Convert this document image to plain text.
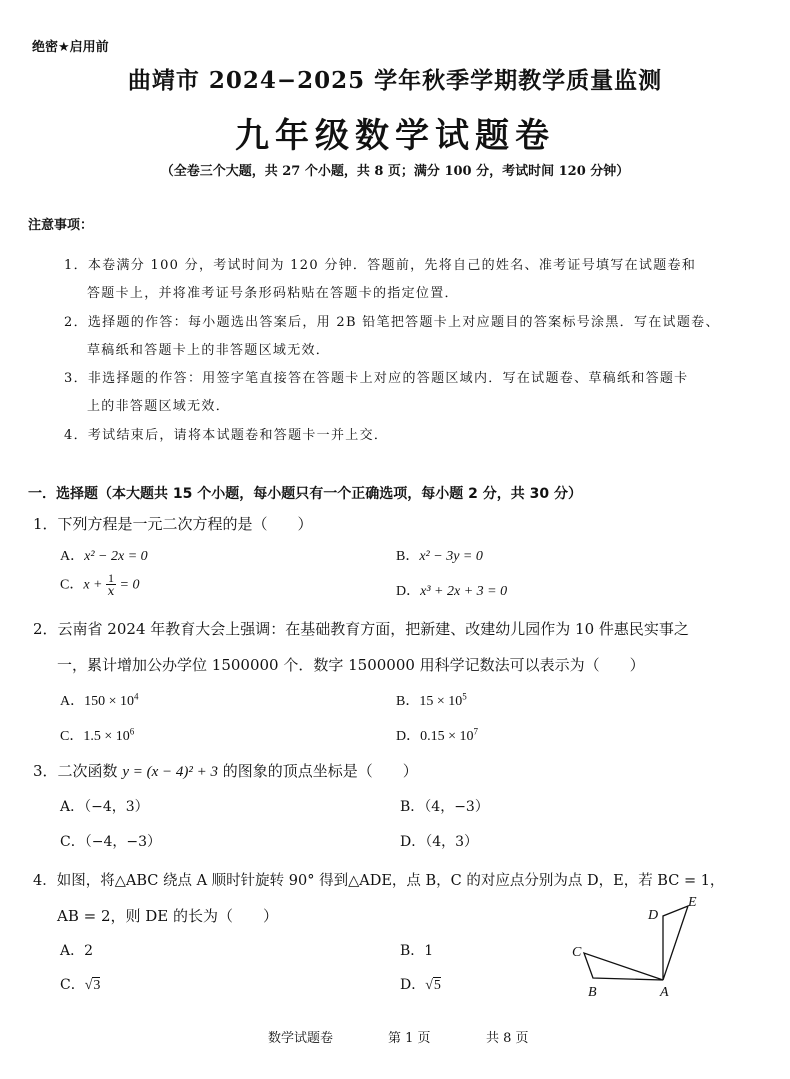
绝密★启用前
曲靖市 2024−2025 学年秋季学期教学质量监测
九年级数学试题卷
（全卷三个大题，共 27 个小题，共 8 页；满分 100 分，考试时间 120 分钟）
注意事项：
1．本卷满分 100 分，考试时间为 120 分钟．答题前，先将自己的姓名、准考证号填写在试题卷和
答题卡上，并将准考证号条形码粘贴在答题卡的指定位置．
2．选择题的作答：每小题选出答案后，用 2B 铅笔把答题卡上对应题目的答案标号涂黑．写在试题卷、
草稿纸和答题卡上的非答题区域无效．
3．非选择题的作答：用签字笔直接答在答题卡上对应的答题区域内．写在试题卷、草稿纸和答题卡
上的非答题区域无效．
4．考试结束后，请将本试题卷和答题卡一并上交．
一．选择题（本大题共 15 个小题，每小题只有一个正确选项，每小题 2 分，共 30 分）
1．下列方程是一元二次方程的是（　　）
A．x² − 2x = 0	B．x² − 3y = 0
C．$x + \frac{1}{x} = 0$	D．x³ + 2x + 3 = 0
2．云南省 2024 年教育大会上强调：在基础教育方面，把新建、改建幼儿园作为 10 件惠民实事之
一，累计增加公办学位 1500000 个．数字 1500000 用科学记数法可以表示为（　　）
A．$150 \times 10^4$	B．$15 \times 10^5$
C．$1.5 \times 10^6$	D．$0.15 \times 10^7$
3．二次函数 y = (x − 4)² + 3 的图象的顶点坐标是（　　）
A．（−4，3）	B．（4，−3）
C．（−4，−3）	D．（4，3）
4．如图，将△ABC 绕点 A 顺时针旋转 90° 得到△ADE，点 B，C 的对应点分别为点 D，E，若 BC = 1，
AB = 2，则 DE 的长为（　　）
A．2	B．1
C．√3	D．√5	A
B
C
D
E
数学试题卷	第 1 页	共 8 页
